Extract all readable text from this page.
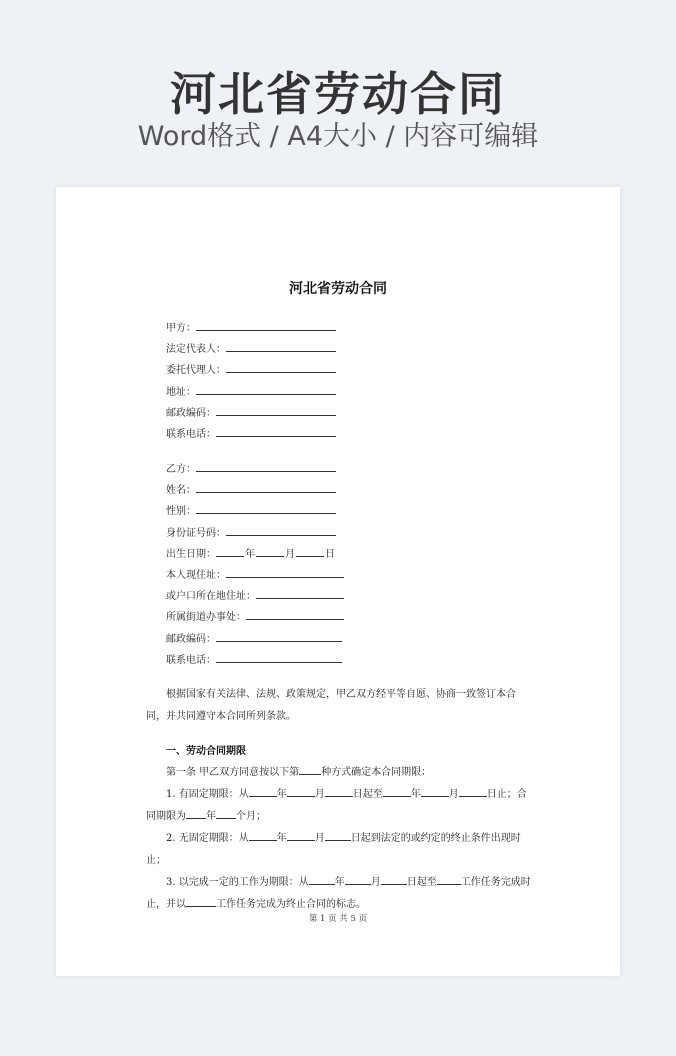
河北省劳动合同
Word格式 / A4大小 / 内容可编辑
河北省劳动合同
甲方：
法定代表人：
委托代理人：
地址：
邮政编码：
联系电话：
乙方：
姓名：
性别：
身份证号码：
出生日期：	年	月	日
本人现住址：
或户口所在地住址：
所属街道办事处：
邮政编码：
联系电话：
根据国家有关法律、法规、政策规定，甲乙双方经平等自愿、协商一致签订本合同，并共同遵守本合同所列条款。
一、劳动合同期限
第一条 甲乙双方同意按以下第 种方式确定本合同期限：
1. 有固定期限：从	年	月	日起至	年	月	日止；合同期限为 年 个月；
2. 无固定期限：从	年	月	日起到法定的或约定的终止条件出现时止；
3. 以完成一定的工作为期限：从	年	月	日起至 工作任务完成时止，并以	工作任务完成为终止合同的标志。
第 1 页 共 5 页
